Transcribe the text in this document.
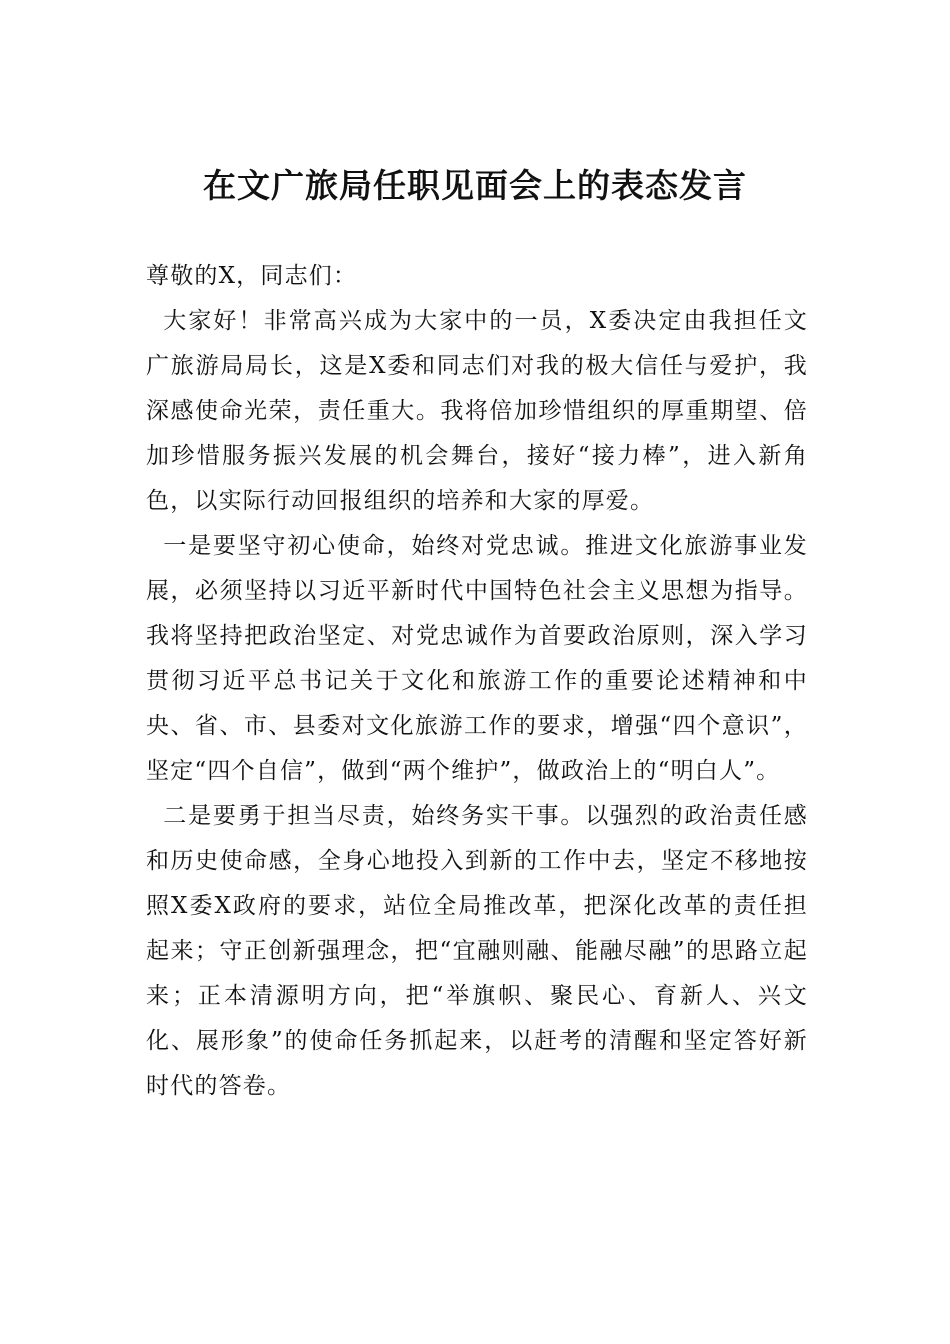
在文广旅局任职见面会上的表态发言

尊敬的X，同志们：

大家好！非常高兴成为大家中的一员，X委决定由我担任文广旅游局局长，这是X委和同志们对我的极大信任与爱护，我深感使命光荣，责任重大。我将倍加珍惜组织的厚重期望、倍加珍惜服务振兴发展的机会舞台，接好“接力棒”，进入新角色，以实际行动回报组织的培养和大家的厚爱。

一是要坚守初心使命，始终对党忠诚。推进文化旅游事业发展，必须坚持以习近平新时代中国特色社会主义思想为指导。我将坚持把政治坚定、对党忠诚作为首要政治原则，深入学习贯彻习近平总书记关于文化和旅游工作的重要论述精神和中央、省、市、县委对文化旅游工作的要求，增强“四个意识”，坚定“四个自信”，做到“两个维护”，做政治上的“明白人”。

二是要勇于担当尽责，始终务实干事。以强烈的政治责任感和历史使命感，全身心地投入到新的工作中去，坚定不移地按照X委X政府的要求，站位全局推改革，把深化改革的责任担起来；守正创新强理念，把“宜融则融、能融尽融”的思路立起来；正本清源明方向，把“举旗帜、聚民心、育新人、兴文化、展形象”的使命任务抓起来，以赶考的清醒和坚定答好新时代的答卷。
